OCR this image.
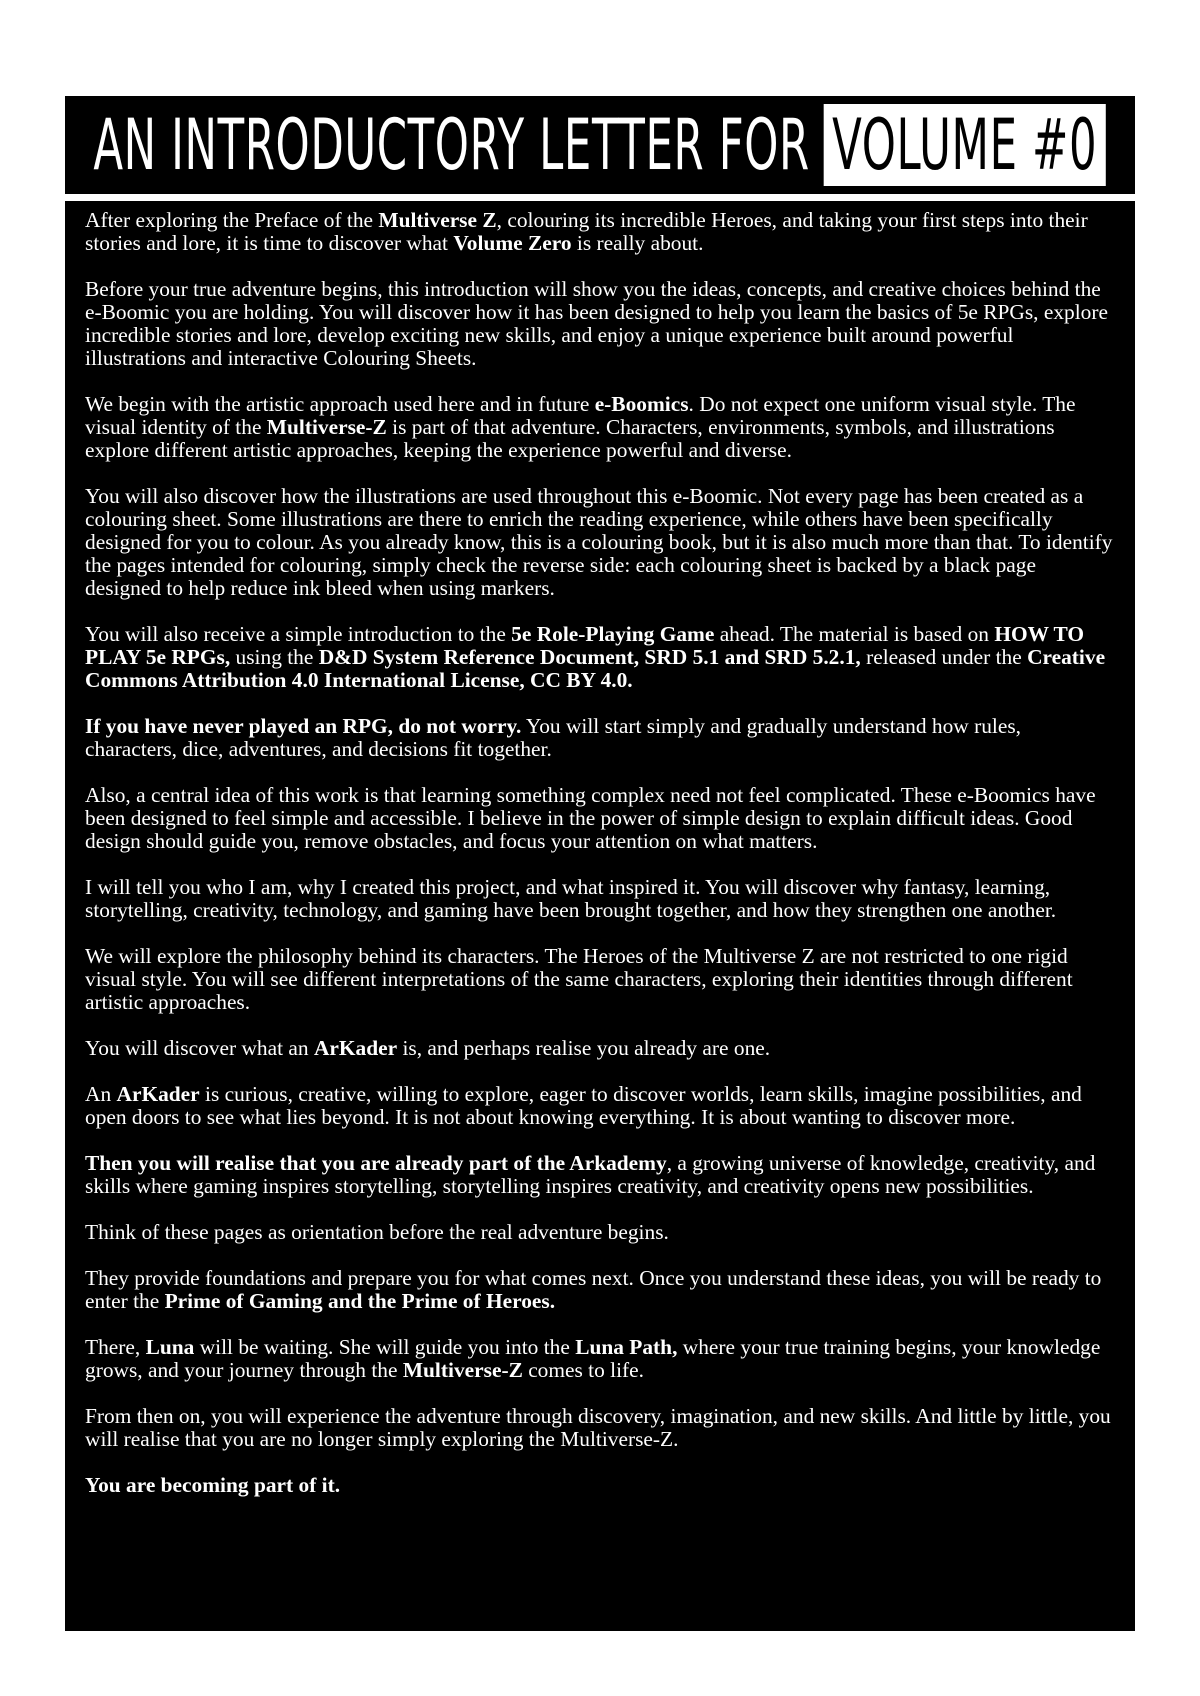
AN INTRODUCTORY LETTER FOR VOLUME #0

After exploring the Preface of the Multiverse Z, colouring its incredible Heroes, and taking your first steps into their stories and lore, it is time to discover what Volume Zero is really about.

Before your true adventure begins, this introduction will show you the ideas, concepts, and creative choices behind the e-Boomic you are holding. You will discover how it has been designed to help you learn the basics of 5e RPGs, explore incredible stories and lore, develop exciting new skills, and enjoy a unique experience built around powerful illustrations and interactive Colouring Sheets.

We begin with the artistic approach used here and in future e-Boomics. Do not expect one uniform visual style. The visual identity of the Multiverse-Z is part of that adventure. Characters, environments, symbols, and illustrations explore different artistic approaches, keeping the experience powerful and diverse.

You will also discover how the illustrations are used throughout this e-Boomic. Not every page has been created as a colouring sheet. Some illustrations are there to enrich the reading experience, while others have been specifically designed for you to colour. As you already know, this is a colouring book, but it is also much more than that. To identify the pages intended for colouring, simply check the reverse side: each colouring sheet is backed by a black page designed to help reduce ink bleed when using markers.

You will also receive a simple introduction to the 5e Role-Playing Game ahead. The material is based on HOW TO PLAY 5e RPGs, using the D&D System Reference Document, SRD 5.1 and SRD 5.2.1, released under the Creative Commons Attribution 4.0 International License, CC BY 4.0.

If you have never played an RPG, do not worry. You will start simply and gradually understand how rules, characters, dice, adventures, and decisions fit together.

Also, a central idea of this work is that learning something complex need not feel complicated. These e-Boomics have been designed to feel simple and accessible. I believe in the power of simple design to explain difficult ideas. Good design should guide you, remove obstacles, and focus your attention on what matters.

I will tell you who I am, why I created this project, and what inspired it. You will discover why fantasy, learning, storytelling, creativity, technology, and gaming have been brought together, and how they strengthen one another.

We will explore the philosophy behind its characters. The Heroes of the Multiverse Z are not restricted to one rigid visual style. You will see different interpretations of the same characters, exploring their identities through different artistic approaches.

You will discover what an ArKader is, and perhaps realise you already are one.

An ArKader is curious, creative, willing to explore, eager to discover worlds, learn skills, imagine possibilities, and open doors to see what lies beyond. It is not about knowing everything. It is about wanting to discover more.

Then you will realise that you are already part of the Arkademy, a growing universe of knowledge, creativity, and skills where gaming inspires storytelling, storytelling inspires creativity, and creativity opens new possibilities.

Think of these pages as orientation before the real adventure begins.

They provide foundations and prepare you for what comes next. Once you understand these ideas, you will be ready to enter the Prime of Gaming and the Prime of Heroes.

There, Luna will be waiting. She will guide you into the Luna Path, where your true training begins, your knowledge grows, and your journey through the Multiverse-Z comes to life.

From then on, you will experience the adventure through discovery, imagination, and new skills. And little by little, you will realise that you are no longer simply exploring the Multiverse-Z.

You are becoming part of it.
